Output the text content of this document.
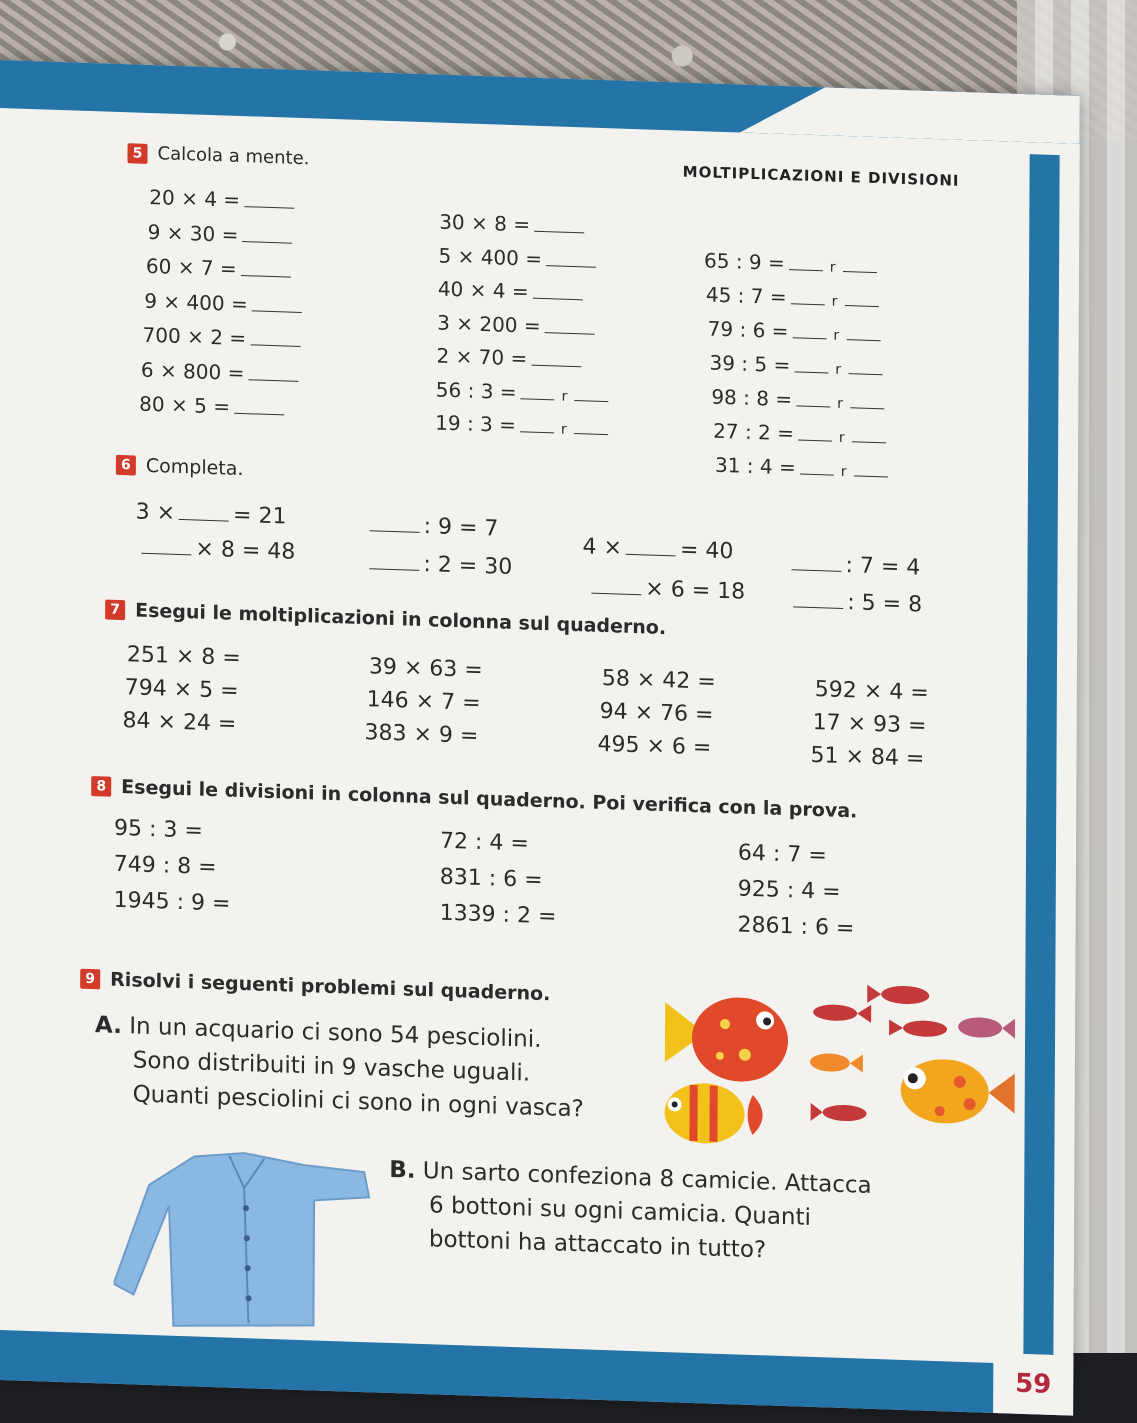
59
MOLTIPLICAZIONI E DIVISIONI
5 Calcola a mente.
20 × 4 =
9 × 30 =
60 × 7 =
9 × 400 =
700 × 2 =
6 × 800 =
80 × 5 =
30 × 8 =
5 × 400 =
40 × 4 =
3 × 200 =
2 × 70 =
56 : 3 =	r
19 : 3 =	r
65 : 9 =	r
45 : 7 =	r
79 : 6 =	r
39 : 5 =	r
98 : 8 =	r
27 : 2 =	r
31 : 4 =	r
6 Completa.
3 ×	= 21
× 8 = 48
: 9 = 7
: 2 = 30
4 ×	= 40
× 6 = 18
: 7 = 4
: 5 = 8
7 Esegui le moltiplicazioni in colonna sul quaderno.
251 × 8 =
794 × 5 =
84 × 24 =
39 × 63 =
146 × 7 =
383 × 9 =
58 × 42 =
94 × 76 =
495 × 6 =
592 × 4 =
17 × 93 =
51 × 84 =
8 Esegui le divisioni in colonna sul quaderno. Poi verifica con la prova.
95 : 3 =
749 : 8 =
1945 : 9 =
72 : 4 =
831 : 6 =
1339 : 2 =
64 : 7 =
925 : 4 =
2861 : 6 =
9 Risolvi i seguenti problemi sul quaderno.
A. In un acquario ci sono 54 pesciolini.
Sono distribuiti in 9 vasche uguali.
Quanti pesciolini ci sono in ogni vasca?
B. Un sarto confeziona 8 camicie. Attacca
6 bottoni su ogni camicia. Quanti
bottoni ha attaccato in tutto?
